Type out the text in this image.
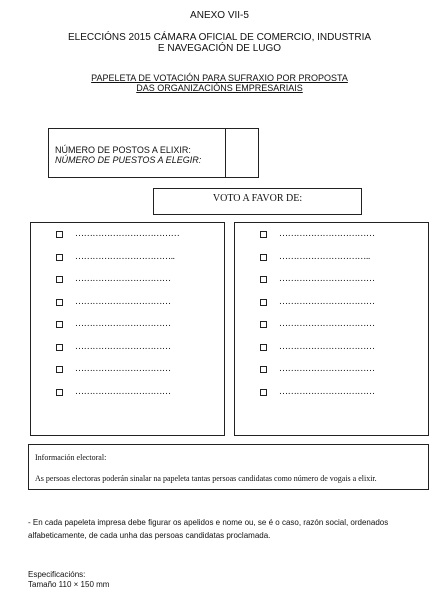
ANEXO VII-5
ELECCIÓNS 2015 CÁMARA OFICIAL DE COMERCIO, INDUSTRIA
E NAVEGACIÓN DE LUGO
PAPELETA DE VOTACIÓN PARA SUFRAXIO POR PROPOSTA
DAS ORGANIZACIÓNS EMPRESARIAIS
NÚMERO DE POSTOS A ELIXIR:
NÚMERO DE PUESTOS A ELEGIR:
VOTO A FAVOR DE:
………………………………
……………………………..
……………………………
……………………………
……………………………
……………………………
……………………………
……………………………
……………………………
…………………………..
……………………………
……………………………
……………………………
……………………………
……………………………
……………………………
Información electoral:
As persoas electoras poderán sinalar na papeleta tantas persoas candidatas como número de vogais a elixir.
- En cada papeleta impresa debe figurar os apelidos e nome ou, se é o caso, razón social, ordenados alfabeticamente, de cada unha das persoas candidatas proclamada.
Especificacións:
Tamaño 110 × 150 mm
